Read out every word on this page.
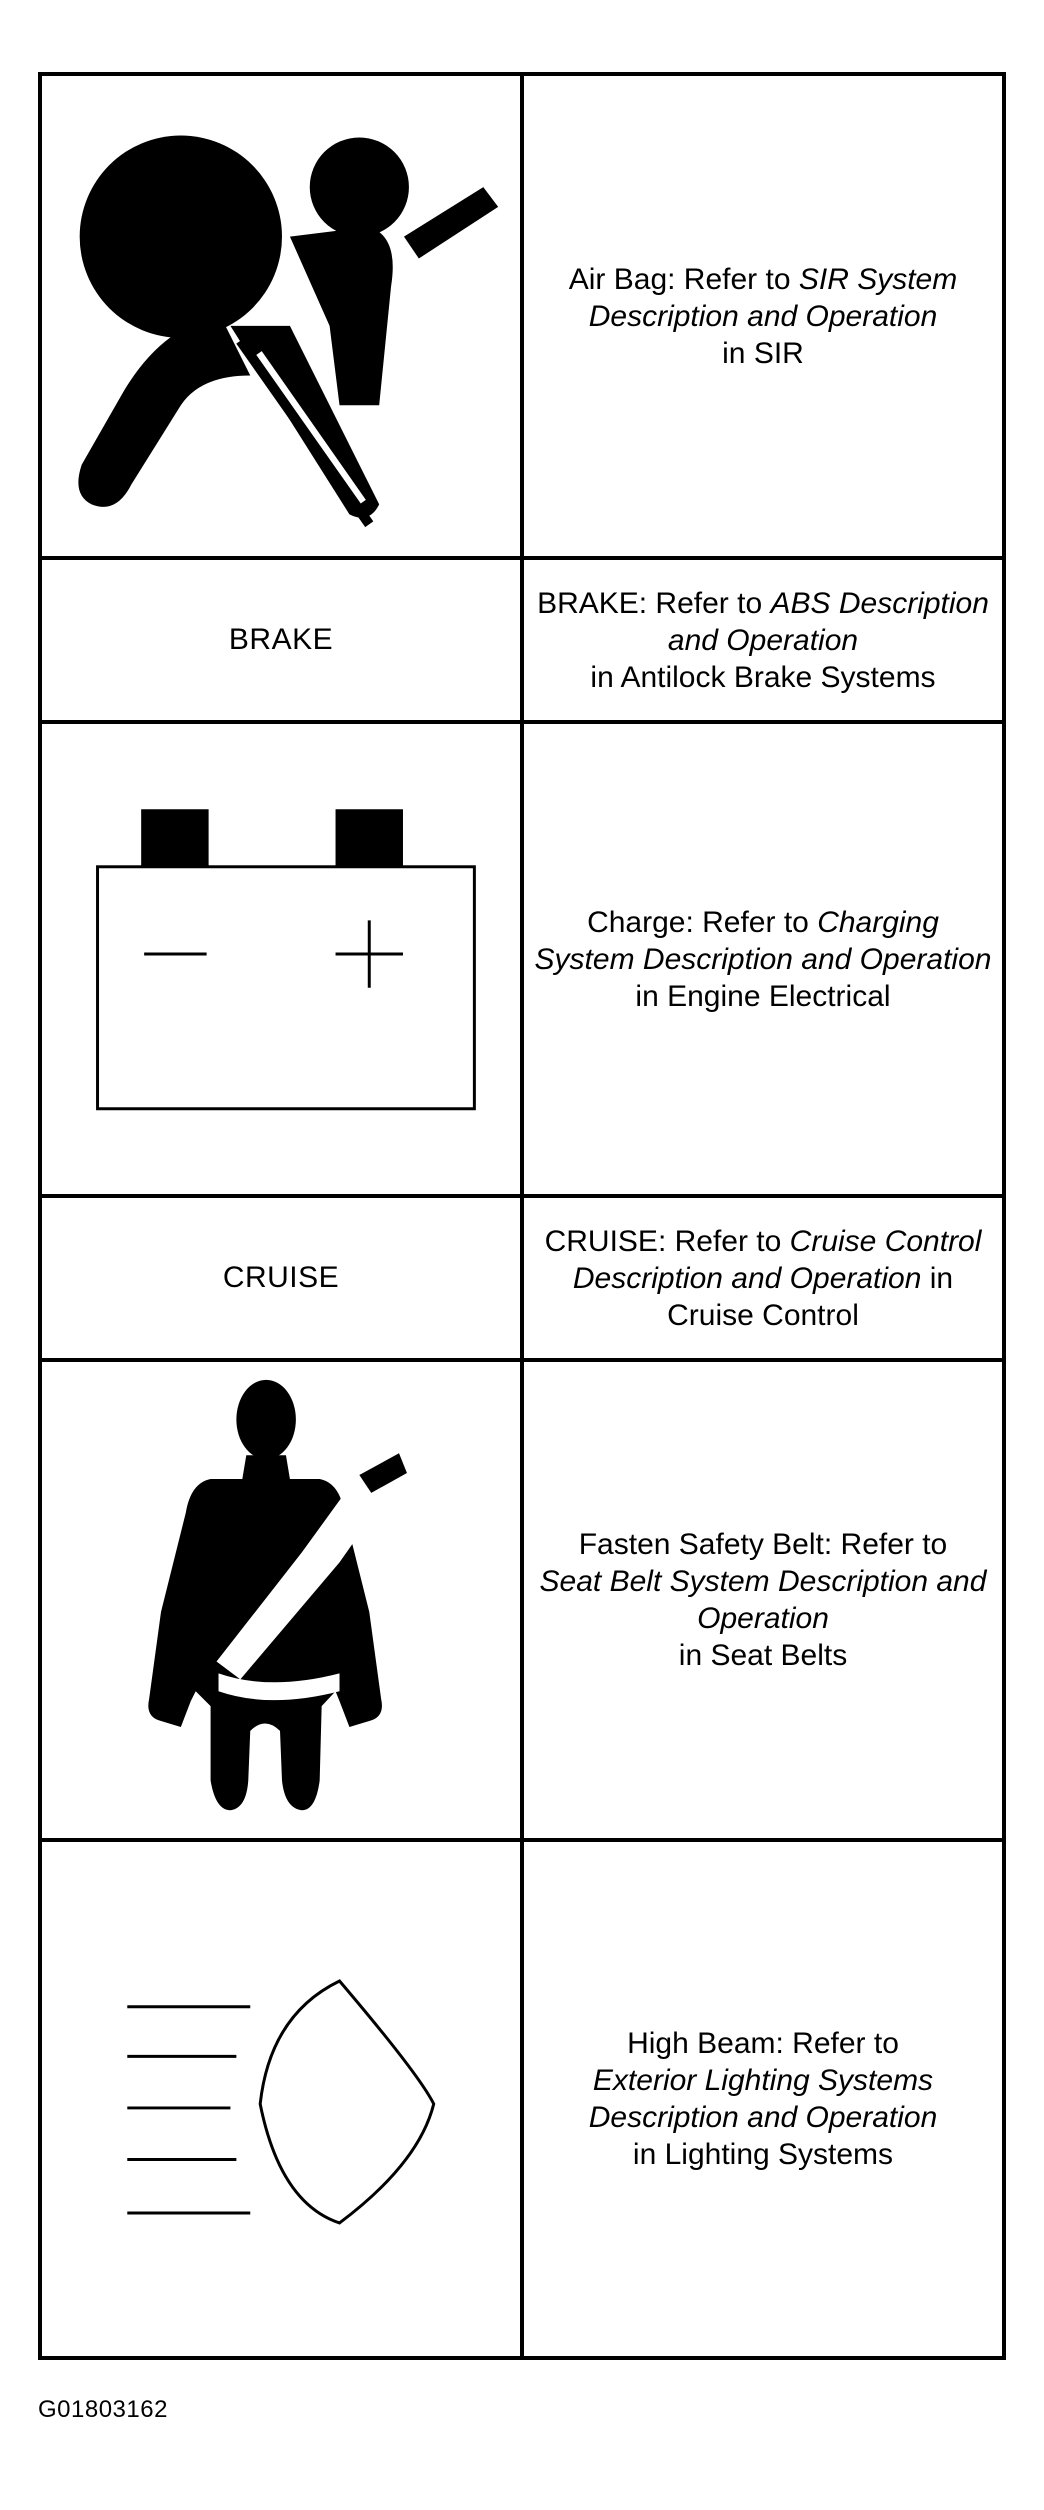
Air Bag: Refer to SIR System Description and Operation
in SIR
BRAKE
BRAKE: Refer to ABS Description and Operation
in Antilock Brake Systems
Charge: Refer to Charging System Description and Operation
in Engine Electrical
CRUISE
CRUISE: Refer to Cruise Control Description and Operation in Cruise Control
Fasten Safety Belt: Refer to
Seat Belt System Description and Operation
in Seat Belts
High Beam: Refer to
Exterior Lighting Systems Description and Operation
in Lighting Systems
G01803162
